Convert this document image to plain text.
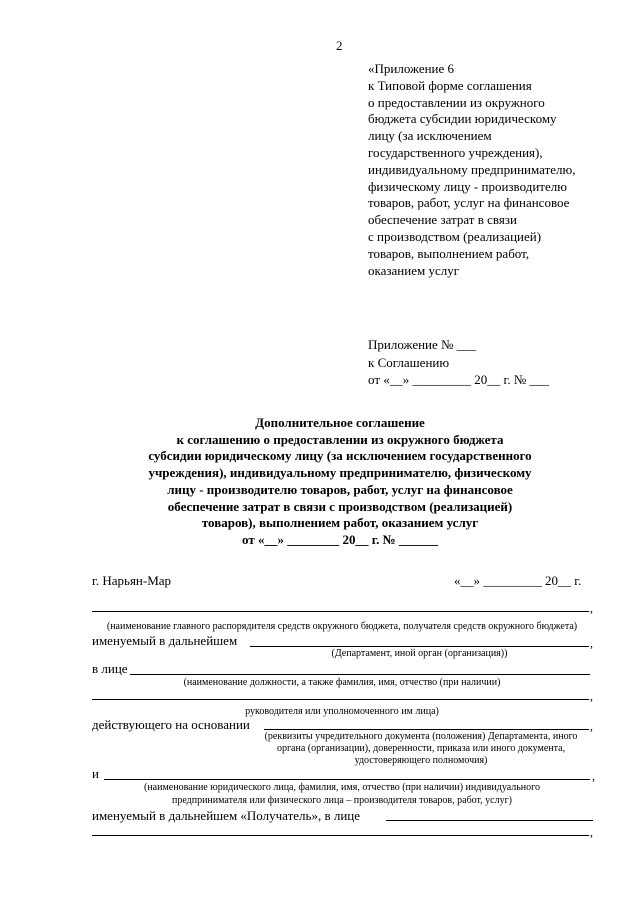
2
«Приложение 6
к Типовой форме соглашения
о предоставлении из окружного
бюджета субсидии юридическому
лицу (за исключением
государственного учреждения),
индивидуальному предпринимателю,
физическому лицу - производителю
товаров, работ, услуг на финансовое
обеспечение затрат в связи
с производством (реализацией)
товаров, выполнением работ,
оказанием услуг
Приложение № ___
к Соглашению
от «__» _________ 20__ г. № ___
Дополнительное соглашение
к соглашению о предоставлении из окружного бюджета
субсидии юридическому лицу (за исключением государственного
учреждения), индивидуальному предпринимателю, физическому
лицу - производителю товаров, работ, услуг на финансовое
обеспечение затрат в связи с производством (реализацией)
товаров), выполнением работ, оказанием услуг
от «__» ________ 20__ г. № ______
г. Нарьян-Мар	«__» _________ 20__ г.
,
(наименование главного распорядителя средств окружного бюджета, получателя средств окружного бюджета)
именуемый в дальнейшем	,
(Департамент, иной орган (организация))
в лице
(наименование должности, а также фамилия, имя, отчество (при наличии)
,
руководителя или уполномоченного им лица)
действующего на основании	,
(реквизиты учредительного документа (положения) Департамента, иного
органа (организации), доверенности, приказа или иного документа,
удостоверяющего полномочия)
и	,
(наименование юридического лица, фамилия, имя, отчество (при наличии) индивидуального
предпринимателя или физического лица – производителя товаров, работ, услуг)
именуемый в дальнейшем «Получатель», в лице
,
